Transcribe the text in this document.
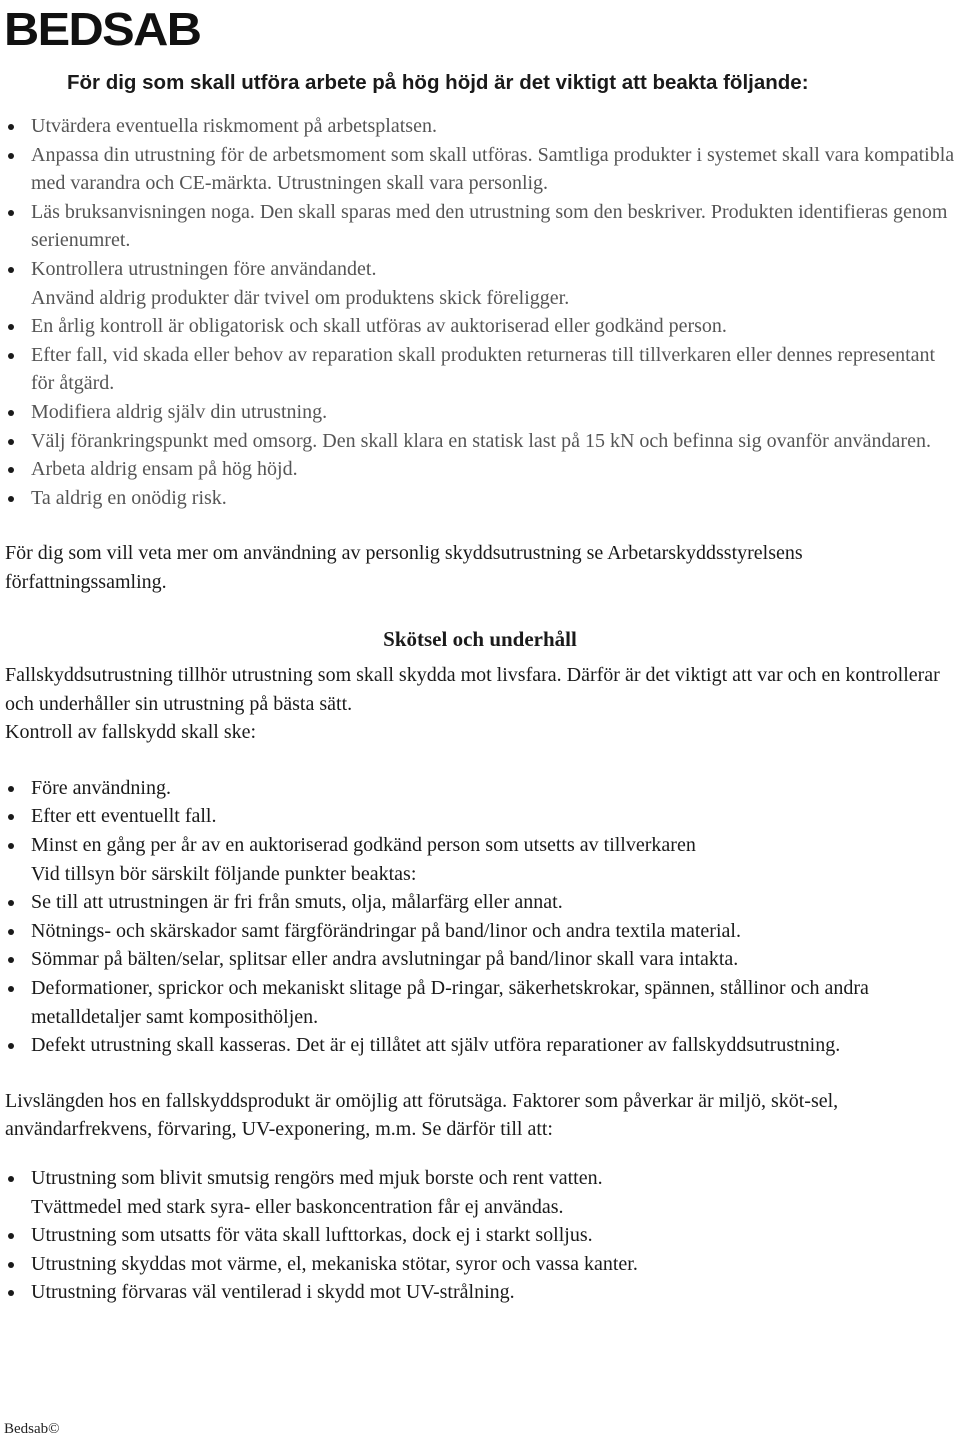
BEDSAB
För dig som skall utföra arbete på hög höjd är det viktigt att beakta följande:
Utvärdera eventuella riskmoment på arbetsplatsen.
Anpassa din utrustning för de arbetsmoment som skall utföras. Samtliga produkter i systemet skall vara kompatibla med varandra och CE-märkta. Utrustningen skall vara personlig.
Läs bruksanvisningen noga. Den skall sparas med den utrustning som den beskriver. Produkten identifieras genom serienumret.
Kontrollera utrustningen före användandet.
Använd aldrig produkter där tvivel om produktens skick föreligger.
En årlig kontroll är obligatorisk och skall utföras av auktoriserad eller godkänd person.
Efter fall, vid skada eller behov av reparation skall produkten returneras till tillverkaren eller dennes representant för åtgärd.
Modifiera aldrig själv din utrustning.
Välj förankringspunkt med omsorg. Den skall klara en statisk last på 15 kN och befinna sig ovanför användaren.
Arbeta aldrig ensam på hög höjd.
Ta aldrig en onödig risk.

För dig som vill veta mer om användning av personlig skyddsutrustning se Arbetarskyddsstyrelsens författningssamling.

Skötsel och underhåll

Fallskyddsutrustning tillhör utrustning som skall skydda mot livsfara. Därför är det viktigt att var och en kontrollerar och underhåller sin utrustning på bästa sätt.

Kontroll av fallskydd skall ske:

Före användning.
Efter ett eventuellt fall.
Minst en gång per år av en auktoriserad godkänd person som utsetts av tillverkaren
Vid tillsyn bör särskilt följande punkter beaktas:
Se till att utrustningen är fri från smuts, olja, målarfärg eller annat.
Nötnings- och skärskador samt färgförändringar på band/linor och andra textila material.
Sömmar på bälten/selar, splitsar eller andra avslutningar på band/linor skall vara intakta.
Deformationer, sprickor och mekaniskt slitage på D-ringar, säkerhetskrokar, spännen, stållinor och andra metalldetaljer samt komposithöljen.
Defekt utrustning skall kasseras. Det är ej tillåtet att själv utföra reparationer av fallskyddsutrustning.

Livslängden hos en fallskyddsprodukt är omöjlig att förutsäga. Faktorer som påverkar är miljö, sköt-sel, användarfrekvens, förvaring, UV-exponering, m.m. Se därför till att:

Utrustning som blivit smutsig rengörs med mjuk borste och rent vatten.
Tvättmedel med stark syra- eller baskoncentration får ej användas.
Utrustning som utsatts för väta skall lufttorkas, dock ej i starkt solljus.
Utrustning skyddas mot värme, el, mekaniska stötar, syror och vassa kanter.
Utrustning förvaras väl ventilerad i skydd mot UV-strålning.
Bedsab©
